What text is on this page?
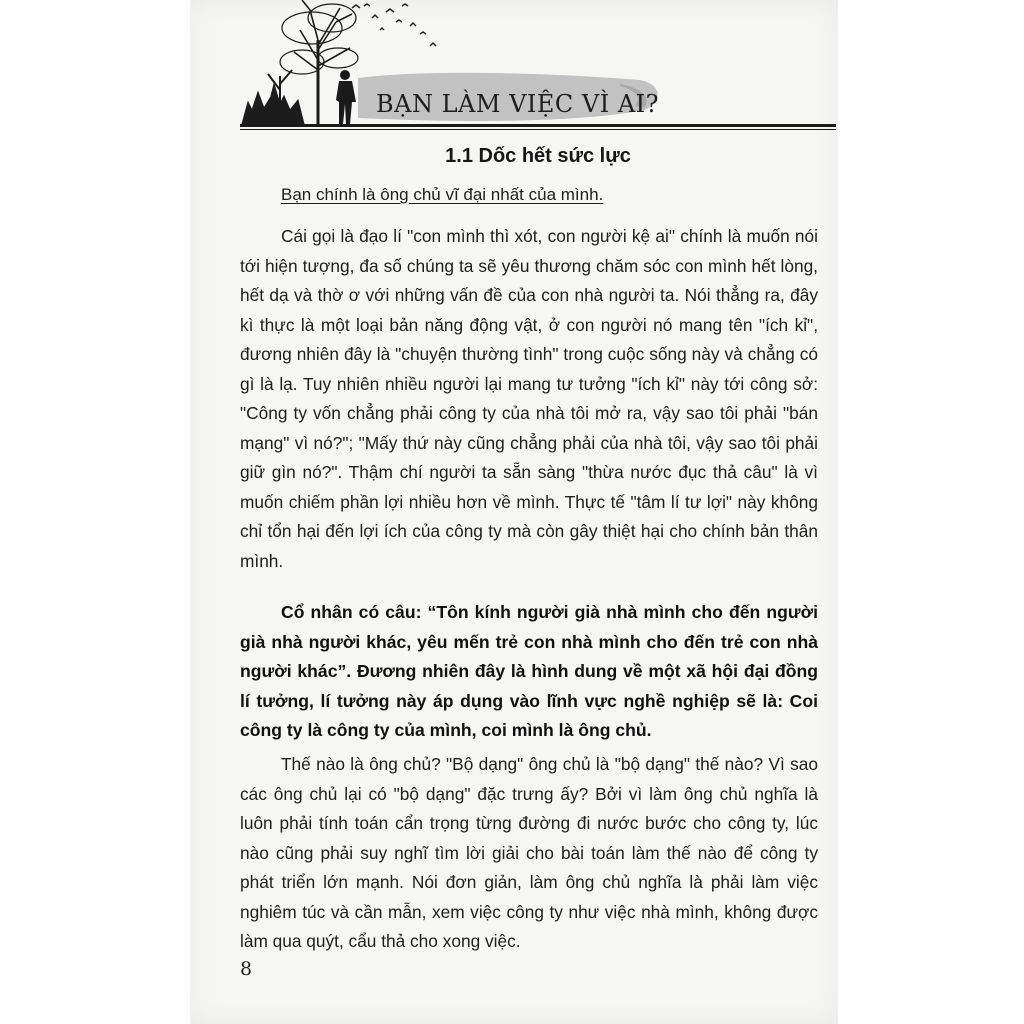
BẠN LÀM VIỆC VÌ AI?
1.1 Dốc hết sức lực
Bạn chính là ông chủ vĩ đại nhất của mình.

Cái gọi là đạo lí "con mình thì xót, con người kệ ai" chính là muốn nói tới hiện tượng, đa số chúng ta sẽ yêu thương chăm sóc con mình hết lòng, hết dạ và thờ ơ với những vấn đề của con nhà người ta. Nói thẳng ra, đây kì thực là một loại bản năng động vật, ở con người nó mang tên "ích kỉ", đương nhiên đây là "chuyện thường tình" trong cuộc sống này và chẳng có gì là lạ. Tuy nhiên nhiều người lại mang tư tưởng "ích kỉ" này tới công sở: "Công ty vốn chẳng phải công ty của nhà tôi mở ra, vậy sao tôi phải "bán mạng" vì nó?"; "Mấy thứ này cũng chẳng phải của nhà tôi, vậy sao tôi phải giữ gìn nó?". Thậm chí người ta sẵn sàng "thừa nước đục thả câu" là vì muốn chiếm phần lợi nhiều hơn về mình. Thực tế "tâm lí tư lợi" này không chỉ tổn hại đến lợi ích của công ty mà còn gây thiệt hại cho chính bản thân mình.

Cổ nhân có câu: “Tôn kính người già nhà mình cho đến người già nhà người khác, yêu mến trẻ con nhà mình cho đến trẻ con nhà người khác”. Đương nhiên đây là hình dung về một xã hội đại đồng lí tưởng, lí tưởng này áp dụng vào lĩnh vực nghề nghiệp sẽ là: Coi công ty là công ty của mình, coi mình là ông chủ.

Thế nào là ông chủ? "Bộ dạng" ông chủ là "bộ dạng" thế nào? Vì sao các ông chủ lại có "bộ dạng" đặc trưng ấy? Bởi vì làm ông chủ nghĩa là luôn phải tính toán cẩn trọng từng đường đi nước bước cho công ty, lúc nào cũng phải suy nghĩ tìm lời giải cho bài toán làm thế nào để công ty phát triển lớn mạnh. Nói đơn giản, làm ông chủ nghĩa là phải làm việc nghiêm túc và cần mẫn, xem việc công ty như việc nhà mình, không được làm qua quýt, cẩu thả cho xong việc.

8
